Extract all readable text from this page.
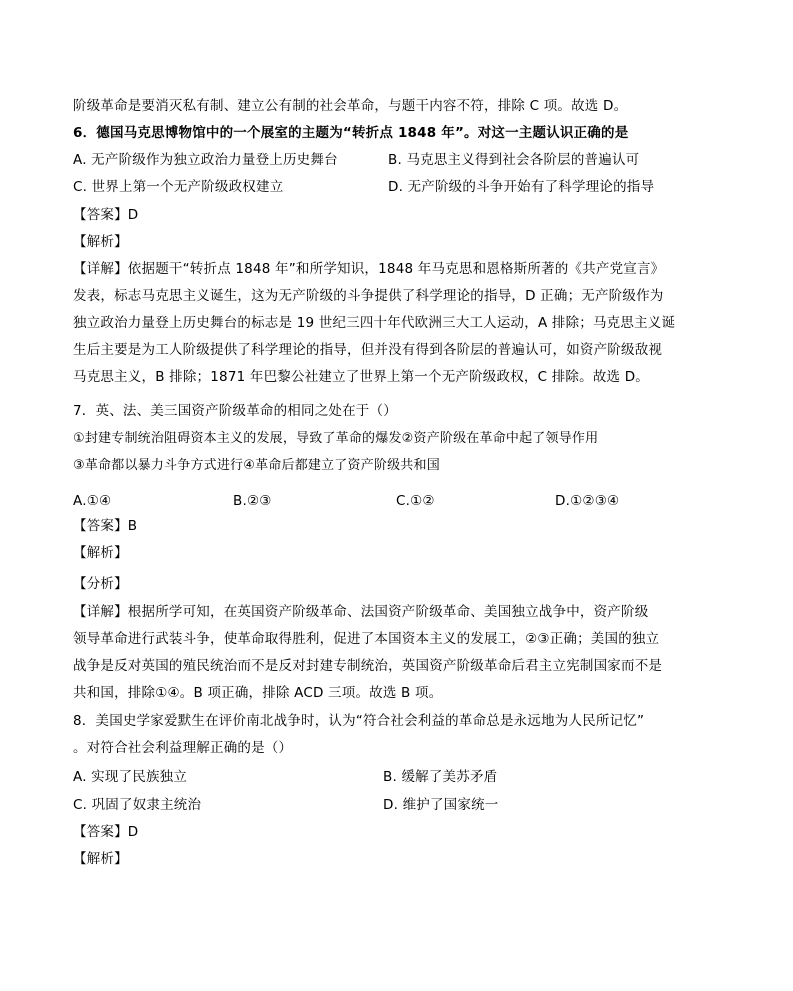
阶级革命是要消灭私有制、建立公有制的社会革命，与题干内容不符，排除 C 项。故选 D。
6．德国马克思博物馆中的一个展室的主题为“转折点 1848 年”。对这一主题认识正确的是
A. 无产阶级作为独立政治力量登上历史舞台	B. 马克思主义得到社会各阶层的普遍认可
C. 世界上第一个无产阶级政权建立	D. 无产阶级的斗争开始有了科学理论的指导
【答案】D
【解析】
【详解】依据题干“转折点 1848 年”和所学知识，1848 年马克思和恩格斯所著的《共产党宣言》
发表，标志马克思主义诞生，这为无产阶级的斗争提供了科学理论的指导，D 正确；无产阶级作为
独立政治力量登上历史舞台的标志是 19 世纪三四十年代欧洲三大工人运动，A 排除；马克思主义诞
生后主要是为工人阶级提供了科学理论的指导，但并没有得到各阶层的普遍认可，如资产阶级敌视
马克思主义，B 排除；1871 年巴黎公社建立了世界上第一个无产阶级政权，C 排除。故选 D。
7．英、法、美三国资产阶级革命的相同之处在于（）
①封建专制统治阻碍资本主义的发展，导致了革命的爆发②资产阶级在革命中起了领导作用
③革命都以暴力斗争方式进行④革命后都建立了资产阶级共和国
A.①④	B.②③	C.①②	D.①②③④
【答案】B
【解析】
【分析】
【详解】根据所学可知，在英国资产阶级革命、法国资产阶级革命、美国独立战争中，资产阶级
领导革命进行武装斗争，使革命取得胜利，促进了本国资本主义的发展工，②③正确；美国的独立
战争是反对英国的殖民统治而不是反对封建专制统治，英国资产阶级革命后君主立宪制国家而不是
共和国，排除①④。B 项正确，排除 ACD 三项。故选 B 项。
8．美国史学家爱默生在评价南北战争时，认为“符合社会利益的革命总是永远地为人民所记忆”
。对符合社会利益理解正确的是（）
A. 实现了民族独立	B. 缓解了美苏矛盾
C. 巩固了奴隶主统治	D. 维护了国家统一
【答案】D
【解析】
